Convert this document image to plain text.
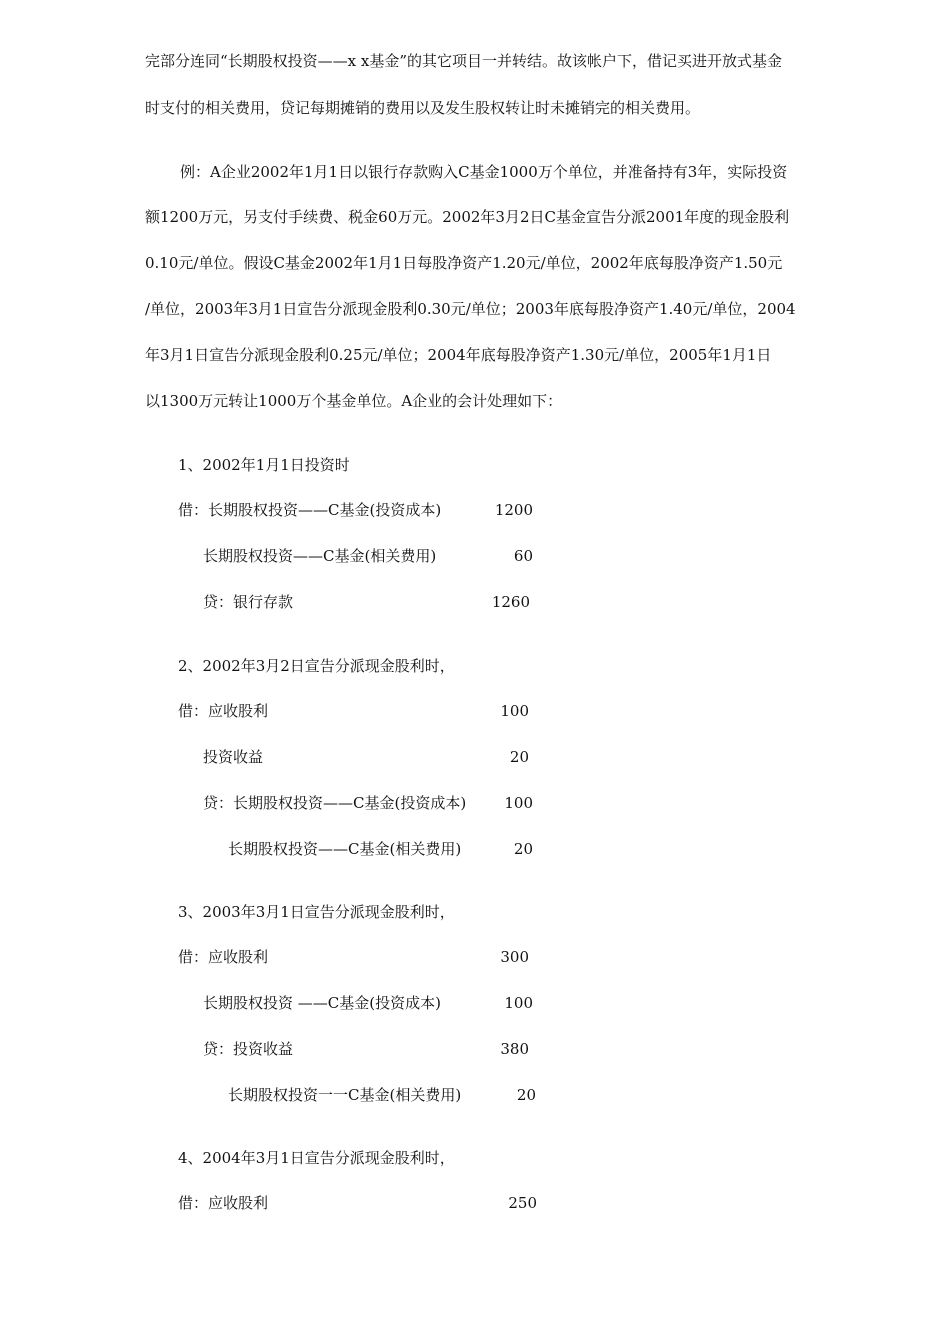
完部分连同“长期股权投资——x x基金”的其它项目一并转结。故该帐户下，借记买进开放式基金
时支付的相关费用，贷记每期摊销的费用以及发生股权转让时未摊销完的相关费用。
例：A企业2002年1月1日以银行存款购入C基金1000万个单位，并准备持有3年，实际投资
额1200万元，另支付手续费、税金60万元。2002年3月2日C基金宣告分派2001年度的现金股利
0.10元/单位。假设C基金2002年1月1日每股净资产1.20元/单位，2002年底每股净资产1.50元
/单位，2003年3月1日宣告分派现金股利0.30元/单位；2003年底每股净资产1.40元/单位，2004
年3月1日宣告分派现金股利0.25元/单位；2004年底每股净资产1.30元/单位，2005年1月1日
以1300万元转让1000万个基金单位。A企业的会计处理如下：
1、2002年1月1日投资时
借：长期股权投资——C基金(投资成本)	1200
长期股权投资——C基金(相关费用)	60
贷：银行存款	1260
2、2002年3月2日宣告分派现金股利时，
借：应收股利	100
投资收益	20
贷：长期股权投资——C基金(投资成本)	100
长期股权投资——C基金(相关费用)	20
3、2003年3月1日宣告分派现金股利时，
借：应收股利	300
长期股权投资 ——C基金(投资成本)	100
贷：投资收益	380
长期股权投资一一C基金(相关费用)	20
4、2004年3月1日宣告分派现金股利时，
借：应收股利	250
